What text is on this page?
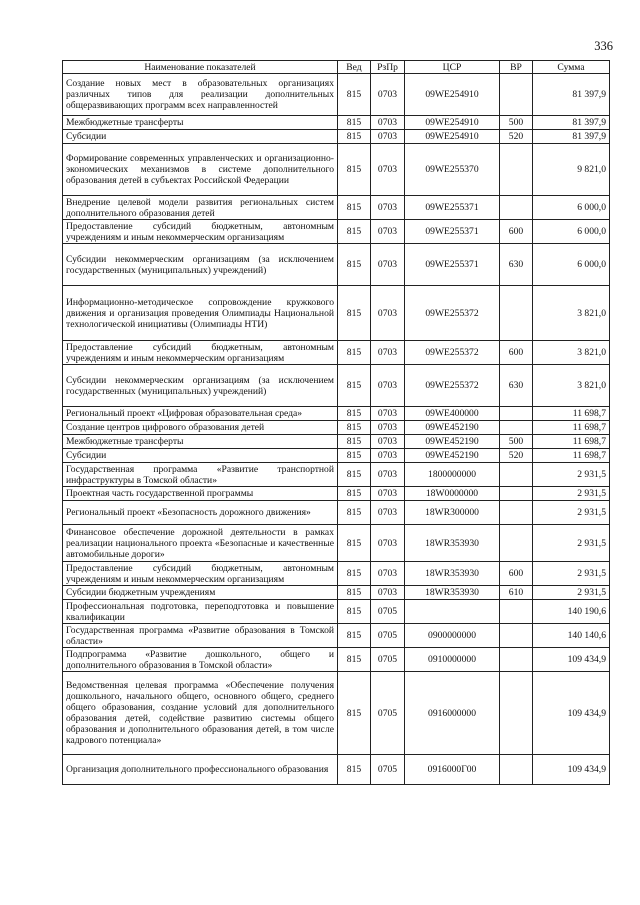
336
Наименование показателей	Вед	РзПр	ЦСР	ВР	Сумма
Создание новых мест в образовательных организациях различных типов для реализации дополнительных общеразвивающих программ всех направленностей	815	0703	09WE254910		81 397,9
Межбюджетные трансферты	815	0703	09WE254910	500	81 397,9
Субсидии	815	0703	09WE254910	520	81 397,9
Формирование современных управленческих и организационно-экономических механизмов в системе дополнительного образования детей в субъектах Российской Федерации	815	0703	09WE255370		9 821,0
Внедрение целевой модели развития региональных систем дополнительного образования детей	815	0703	09WE255371		6 000,0
Предоставление субсидий бюджетным, автономным учреждениям и иным некоммерческим организациям	815	0703	09WE255371	600	6 000,0
Субсидии некоммерческим организациям (за исключением государственных (муниципальных) учреждений)	815	0703	09WE255371	630	6 000,0
Информационно-методическое сопровождение кружкового движения и организация проведения Олимпиады Национальной технологической инициативы (Олимпиады НТИ)	815	0703	09WE255372		3 821,0
Предоставление субсидий бюджетным, автономным учреждениям и иным некоммерческим организациям	815	0703	09WE255372	600	3 821,0
Субсидии некоммерческим организациям (за исключением государственных (муниципальных) учреждений)	815	0703	09WE255372	630	3 821,0
Региональный проект «Цифровая образовательная среда»	815	0703	09WE400000		11 698,7
Создание центров цифрового образования детей	815	0703	09WE452190		11 698,7
Межбюджетные трансферты	815	0703	09WE452190	500	11 698,7
Субсидии	815	0703	09WE452190	520	11 698,7
Государственная программа «Развитие транспортной инфраструктуры в Томской области»	815	0703	1800000000		2 931,5
Проектная часть государственной программы	815	0703	18W0000000		2 931,5
Региональный проект «Безопасность дорожного движения»	815	0703	18WR300000		2 931,5
Финансовое обеспечение дорожной деятельности в рамках реализации национального проекта «Безопасные и качественные автомобильные дороги»	815	0703	18WR353930		2 931,5
Предоставление субсидий бюджетным, автономным учреждениям и иным некоммерческим организациям	815	0703	18WR353930	600	2 931,5
Субсидии бюджетным учреждениям	815	0703	18WR353930	610	2 931,5
Профессиональная подготовка, переподготовка и повышение квалификации	815	0705			140 190,6
Государственная программа «Развитие образования в Томской области»	815	0705	0900000000		140 140,6
Подпрограмма «Развитие дошкольного, общего и дополнительного образования в Томской области»	815	0705	0910000000		109 434,9
Ведомственная целевая программа «Обеспечение получения дошкольного, начального общего, основного общего, среднего общего образования, создание условий для дополнительного образования детей, содействие развитию системы общего образования и дополнительного образования детей, в том числе кадрового потенциала»	815	0705	0916000000		109 434,9
Организация дополнительного профессионального образования	815	0705	0916000Г00		109 434,9
